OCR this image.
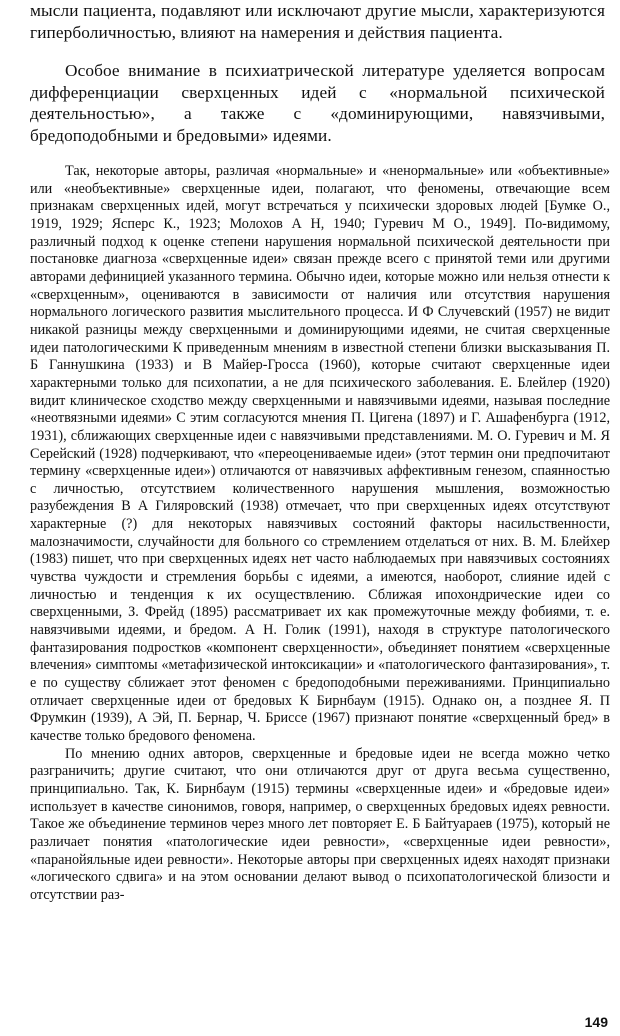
мысли пациента, подавляют или исключают другие мысли, характеризуются гиперболичностью, влияют на намерения и действия пациента.

Особое внимание в психиатрической литературе уделяется вопросам дифференциации сверхценных идей с «нормальной психической деятельностью», а также с «доминирующими, навязчивыми, бредоподобными и бредовыми» идеями.

Так, некоторые авторы, различая «нормальные» и «ненормальные» или «объективные» или «необъективные» сверхценные идеи, полагают, что феномены, отвечающие всем признакам сверхценных идей, могут встречаться у психически здоровых людей [Бумке О., 1919, 1929; Ясперс К., 1923; Молохов А Н, 1940; Гуревич М О., 1949]. По-видимому, различный подход к оценке степени нарушения нормальной психической деятельности при постановке диагноза «сверхценные идеи» связан прежде всего с принятой теми или другими авторами дефиницией указанного термина. Обычно идеи, которые можно или нельзя отнести к «сверхценным», оцениваются в зависимости от наличия или отсутствия нарушения нормального логического развития мыслительного процесса. И Ф Случевский (1957) не видит никакой разницы между сверхценными и доминирующими идеями, не считая сверхценные идеи патологическими К приведенным мнениям в известной степени близки высказывания П. Б Ганнушкина (1933) и В Майер-Гросса (1960), которые считают сверхценные идеи характерными только для психопатии, а не для психического заболевания. Е. Блейлер (1920) видит клиническое сходство между сверхценными и навязчивыми идеями, называя последние «неотвязными идеями» С этим согласуются мнения П. Цигена (1897) и Г. Ашафенбурга (1912, 1931), сближающих сверхценные идеи с навязчивыми представлениями. М. О. Гуревич и М. Я Серейский (1928) подчеркивают, что «переоцениваемые идеи» (этот термин они предпочитают термину «сверхценные идеи») отличаются от навязчивых аффективным генезом, спаянностью с личностью, отсутствием количественного нарушения мышления, возможностью разубеждения В А Гиляровский (1938) отмечает, что при сверхценных идеях отсутствуют характерные (?) для некоторых навязчивых состояний факторы насильственности, малозначимости, случайности для больного со стремлением отделаться от них. В. М. Блейхер (1983) пишет, что при сверхценных идеях нет часто наблюдаемых при навязчивых состояниях чувства чуждости и стремления борьбы с идеями, а имеются, наоборот, слияние идей с личностью и тенденция к их осуществлению. Сближая ипохондрические идеи со сверхценными, З. Фрейд (1895) рассматривает их как промежуточные между фобиями, т. е. навязчивыми идеями, и бредом. А Н. Голик (1991), находя в структуре патологического фантазирования подростков «компонент сверхценности», объединяет понятием «сверхценные влечения» симптомы «метафизической интоксикации» и «патологического фантазирования», т. е по существу сближает этот феномен с бредоподобными переживаниями. Принципиально отличает сверхценные идеи от бредовых К Бирнбаум (1915). Однако он, а позднее Я. П Фрумкин (1939), А Эй, П. Бернар, Ч. Бриссе (1967) признают понятие «сверхценный бред» в качестве только бредового феномена.

По мнению одних авторов, сверхценные и бредовые идеи не всегда можно четко разграничить; другие считают, что они отличаются друг от друга весьма существенно, принципиально. Так, К. Бирнбаум (1915) термины «сверхценные идеи» и «бредовые идеи» использует в качестве синонимов, говоря, например, о сверхценных бредовых идеях ревности. Такое же объединение терминов через много лет повторяет Е. Б Байтуараев (1975), который не различает понятия «патологические идеи ревности», «сверхценные идеи ревности», «паранойяльные идеи ревности». Некоторые авторы при сверхценных идеях находят признаки «логического сдвига» и на этом основании делают вывод о психопатологической близости и отсутствии раз-

149
